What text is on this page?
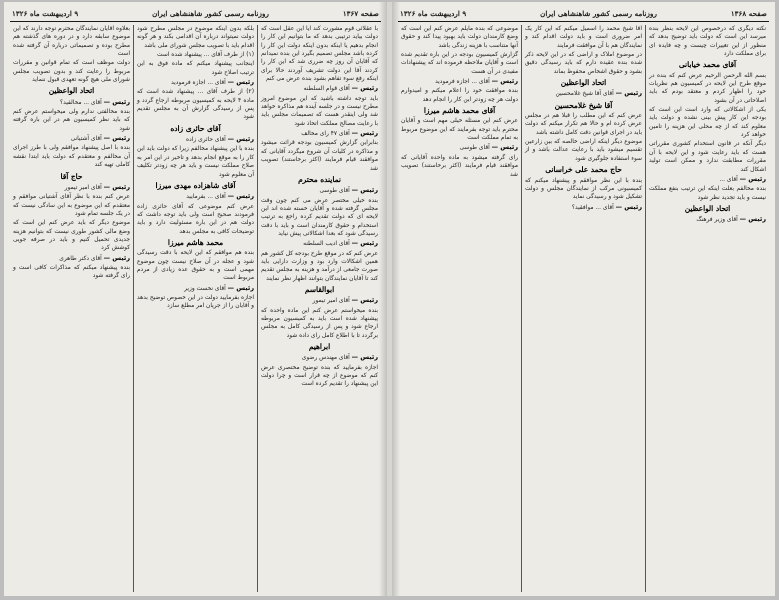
صفحه ۱۳۶۷
روزنامه رسمی کشور شاهنشاهی ایران
۹ اردیبهشت ماه ۱۳۲۶

با عقلائی قوم مشورت کند آیا این عقل است که دولت بیاید ترتیبی بدهد که ما بتوانیم این کار را انجام بدهیم یا اینکه بدون اینکه دولت این کار را کرده باشد مجلس تصمیم بگیرد این بنده نمیدانم که آقایان آن روز چه ضرری شد که این کار را کردند آقا این دولت تشریف آوردند حالا برای اینکه رفع سوء تفاهم بشود بنده عرض می کنم

رئیس — آقای قوام السلطنه

باید توجه داشته باشید که این موضوع امروز مطرح نیست و در جلسه آینده هم مذاکره خواهد شد ولی اینقدر هست که تصمیمات مجلس باید با رعایت مصالح مملکت اتخاذ شود

رئیس — آقای ۴۷ رای مخالف

بنابراین گزارش کمیسیون بودجه قرائت میشود و مذاکره در کلیات آن شروع میگردد آقایانی که موافقند قیام فرمایند (اکثر برخاستند) تصویب شد

نماینده محترم

رئیس — آقای طوسی

بنده خیلی مختصر عرض می کنم چون وقت مجلس گرفته شده و آقایان خسته شده اند این لایحه ای که دولت تقدیم کرده راجع به ترتیب استخدام و حقوق کارمندان است و باید با دقت رسیدگی شود که بعدا اشکالاتی پیش نیاید

رئیس — آقای ادیب السلطنه

عرض کنم که در موقع طرح بودجه کل کشور هم همین اشکالات وارد بود و وزارت دارایی باید صورت جامعی از درآمد و هزینه به مجلس تقدیم کند تا آقایان نمایندگان بتوانند اظهار نظر نمایند

ابوالقاسم

رئیس — آقای امیر تیمور

بنده میخواستم عرض کنم این ماده واحده که پیشنهاد شده است باید به کمیسیون مربوطه ارجاع شود و پس از رسیدگی کامل به مجلس برگردد تا با اطلاع کامل رای داده شود

ابراهیم

رئیس — آقای مهندس رضوی

اجازه بفرمایید که بنده توضیح مختصری عرض کنم که موضوع از چه قرار است و چرا دولت این پیشنهاد را تقدیم کرده است

بلکه بدون اینکه موضوع در مجلس مطرح شود دولت نمیتواند درباره آن اقدامی بکند و هر گونه اقدام باید با تصویب مجلس شورای ملی باشد

(۱) از طرف آقای ... پیشنهاد شده است

اینجانب پیشنهاد میکنم که ماده فوق به این ترتیب اصلاح شود

رئیس — آقای ... اجازه فرمودید

(۲) از طرف آقای ... پیشنهاد شده است که ماده ۴ لایحه به کمیسیون مربوطه ارجاع گردد و پس از رسیدگی گزارش آن به مجلس تقدیم شود

آقای حائری زاده

رئیس — آقای حائری زاده

بنده با این پیشنهاد مخالفم زیرا که دولت باید این کار را به موقع انجام بدهد و تاخیر در این امر به صلاح مملکت نیست و باید هر چه زودتر تکلیف آن معلوم شود

آقای شاهزاده مهدی میرزا

رئیس — آقای ... بفرمایید

عرض کنم موضوعی که آقای حائری زاده فرمودند صحیح است ولی باید توجه داشت که دولت هم در این باره مسئولیت دارد و باید توضیحات کافی به مجلس بدهد

محمد هاشم میرزا

بنده هم موافقم که این لایحه با دقت رسیدگی شود و عجله در آن صلاح نیست چون موضوع مهمی است و به حقوق عده زیادی از مردم مربوط است

رئیس — آقای نخست وزیر

اجازه بفرمایید دولت در این خصوص توضیح بدهد و آقایان را از جریان امر مطلع سازد

بعلاوه آقایان نمایندگان محترم توجه دارند که این موضوع سابقه دارد و در دوره های گذشته هم مطرح بوده و تصمیماتی درباره آن گرفته شده است

دولت موظف است که تمام قوانین و مقررات مربوط را رعایت کند و بدون تصویب مجلس شورای ملی هیچ گونه تعهدی قبول ننماید

اتحاد الواعظین

رئیس — آقای ... مخالفید؟

بنده مخالفتی ندارم ولی میخواستم عرض کنم که باید نظر کمیسیون هم در این باره گرفته شود

رئیس — آقای آشتیانی

بنده با اصل پیشنهاد موافقم ولی با طرز اجرای آن مخالفم و معتقدم که دولت باید ابتدا نقشه کاملی تهیه کند

حاج آقا

رئیس — آقای امیر تیمور

عرض کنم بنده با نظر آقای آشتیانی موافقم و معتقدم که این موضوع به این سادگی نیست که در یک جلسه تمام شود

موضوع دیگر که باید عرض کنم این است که وضع مالی کشور طوری نیست که بتوانیم هزینه جدیدی تحمیل کنیم و باید در صرفه جویی کوشش کرد

رئیس — آقای دکتر طاهری

بنده پیشنهاد میکنم که مذاکرات کافی است و رای گرفته شود

صفحه ۱۳۶۸
روزنامه رسمی کشور شاهنشاهی ایران
۹ اردیبهشت ماه ۱۳۲۶

نکته دیگری که درخصوص این لایحه بنظر بنده میرسد این است که دولت باید توضیح بدهد که منظور از این تغییرات چیست و چه فایده ای برای مملکت دارد

آقای محمد خیابانی

بسم الله الرحمن الرحیم عرض کنم که بنده در موقع طرح این لایحه در کمیسیون هم نظریات خود را اظهار کردم و معتقد بودم که باید اصلاحاتی در آن بشود

یکی از اشکالاتی که وارد است این است که بودجه این کار پیش بینی نشده و دولت باید معلوم کند که از چه محلی این هزینه را تامین خواهد کرد

دیگر آنکه در قانون استخدام کشوری مقرراتی هست که باید رعایت شود و این لایحه با آن مقررات مطابقت ندارد و ممکن است تولید اشکال کند

رئیس — آقای ...

بنده مخالفم بعلت اینکه این ترتیب بنفع مملکت نیست و باید تجدید نظر شود

اتحاد الواعظین

رئیس — آقای وزیر فرهنگ

آقا شیخ محمد را اسمیل میکنم که این کار یک امر ضروری است و باید دولت اقدام کند و نمایندگان هم با آن موافقت فرمایند

در موضوع املاک و اراضی که در این لایحه ذکر شده بنده عقیده دارم که باید رسیدگی دقیق بشود و حقوق اشخاص محفوظ بماند

اتحاد الواعظین

رئیس — آقای آقا شیخ غلامحسین

آقا شیخ غلامحسین

عرض کنم که این مطلب را قبلا هم در مجلس عرض کرده ام و حالا هم تکرار میکنم که دولت باید در اجرای قوانین دقت کامل داشته باشد

موضوع دیگر اینکه اراضی خالصه که بین زارعین تقسیم میشود باید با رعایت عدالت باشد و از سوء استفاده جلوگیری شود

حاج محمد علی خراسانی

بنده با این نظر موافقم و پیشنهاد میکنم که کمیسیونی مرکب از نمایندگان مجلس و دولت تشکیل شود و رسیدگی نماید

رئیس — آقای ... موافقید؟

موضوعی که بنده مایلم عرض کنم این است که وضع کارمندان دولت باید بهبود پیدا کند و حقوق آنها متناسب با هزینه زندگی باشد

گزارش کمیسیون بودجه در این باره تقدیم شده است و آقایان ملاحظه فرموده اند که پیشنهادات مفیدی در آن هست

رئیس — آقای ... اجازه فرمودید

بنده موافقت خود را اعلام میکنم و امیدوارم دولت هر چه زودتر این کار را انجام دهد

آقای محمد هاشم میرزا

عرض کنم این مسئله خیلی مهم است و آقایان محترم باید توجه بفرمایند که این موضوع مربوط به تمام مملکت است

رئیس — آقای طوسی

رای گرفته میشود به ماده واحده آقایانی که موافقند قیام فرمایند (اکثر برخاستند) تصویب شد
